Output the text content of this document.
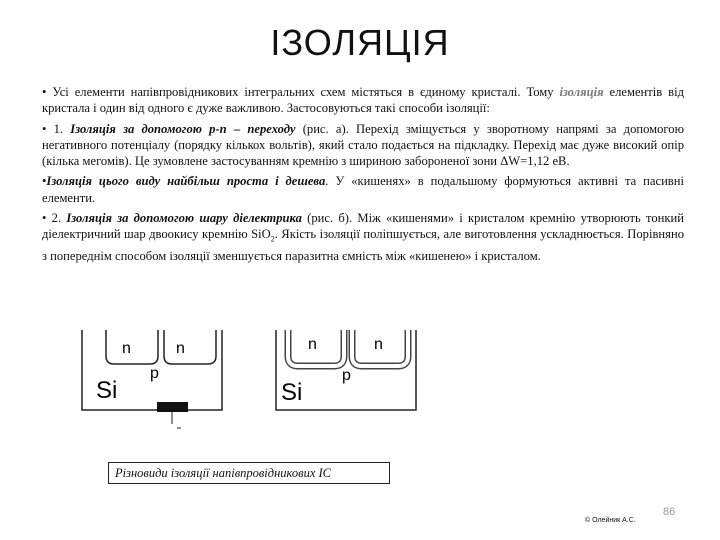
ІЗОЛЯЦІЯ

• Усі елементи напівпровідникових інтегральних схем містяться в єдиному кристалі. Тому ізоляція елементів від кристала і один від одного є дуже важливою. Застосовуються такі способи ізоляції:

• 1. Ізоляція за допомогою p-n – переходу (рис. а). Перехід зміщується у зворотному напрямі за допомогою негативного потенціалу (порядку кількох вольтів), який стало подається на підкладку. Перехід має дуже високий опір (кілька мегомів). Це зумовлене застосуванням кремнію з шириною забороненої зони ΔW=1,12 еВ.

•Ізоляція цього виду найбільш проста і дешева. У «кишенях» в подальшому формуються активні та пасивні елементи.

• 2. Ізоляція за допомогою шару діелектрика (рис. б). Між «кишенями» і кристалом кремнію утворюють тонкий діелектричний шар двоокису кремнію SiO$_2$. Якість ізоляції поліпшується, але виготовлення ускладнюється. Порівняно з попереднім способом ізоляції зменшується паразитна ємність між «кишенею» і кристалом.

n	n
p
Si
n	n
p
Si
Різновиди ізоляції напівпровідникових ІС
© Олейник А.С.
86
